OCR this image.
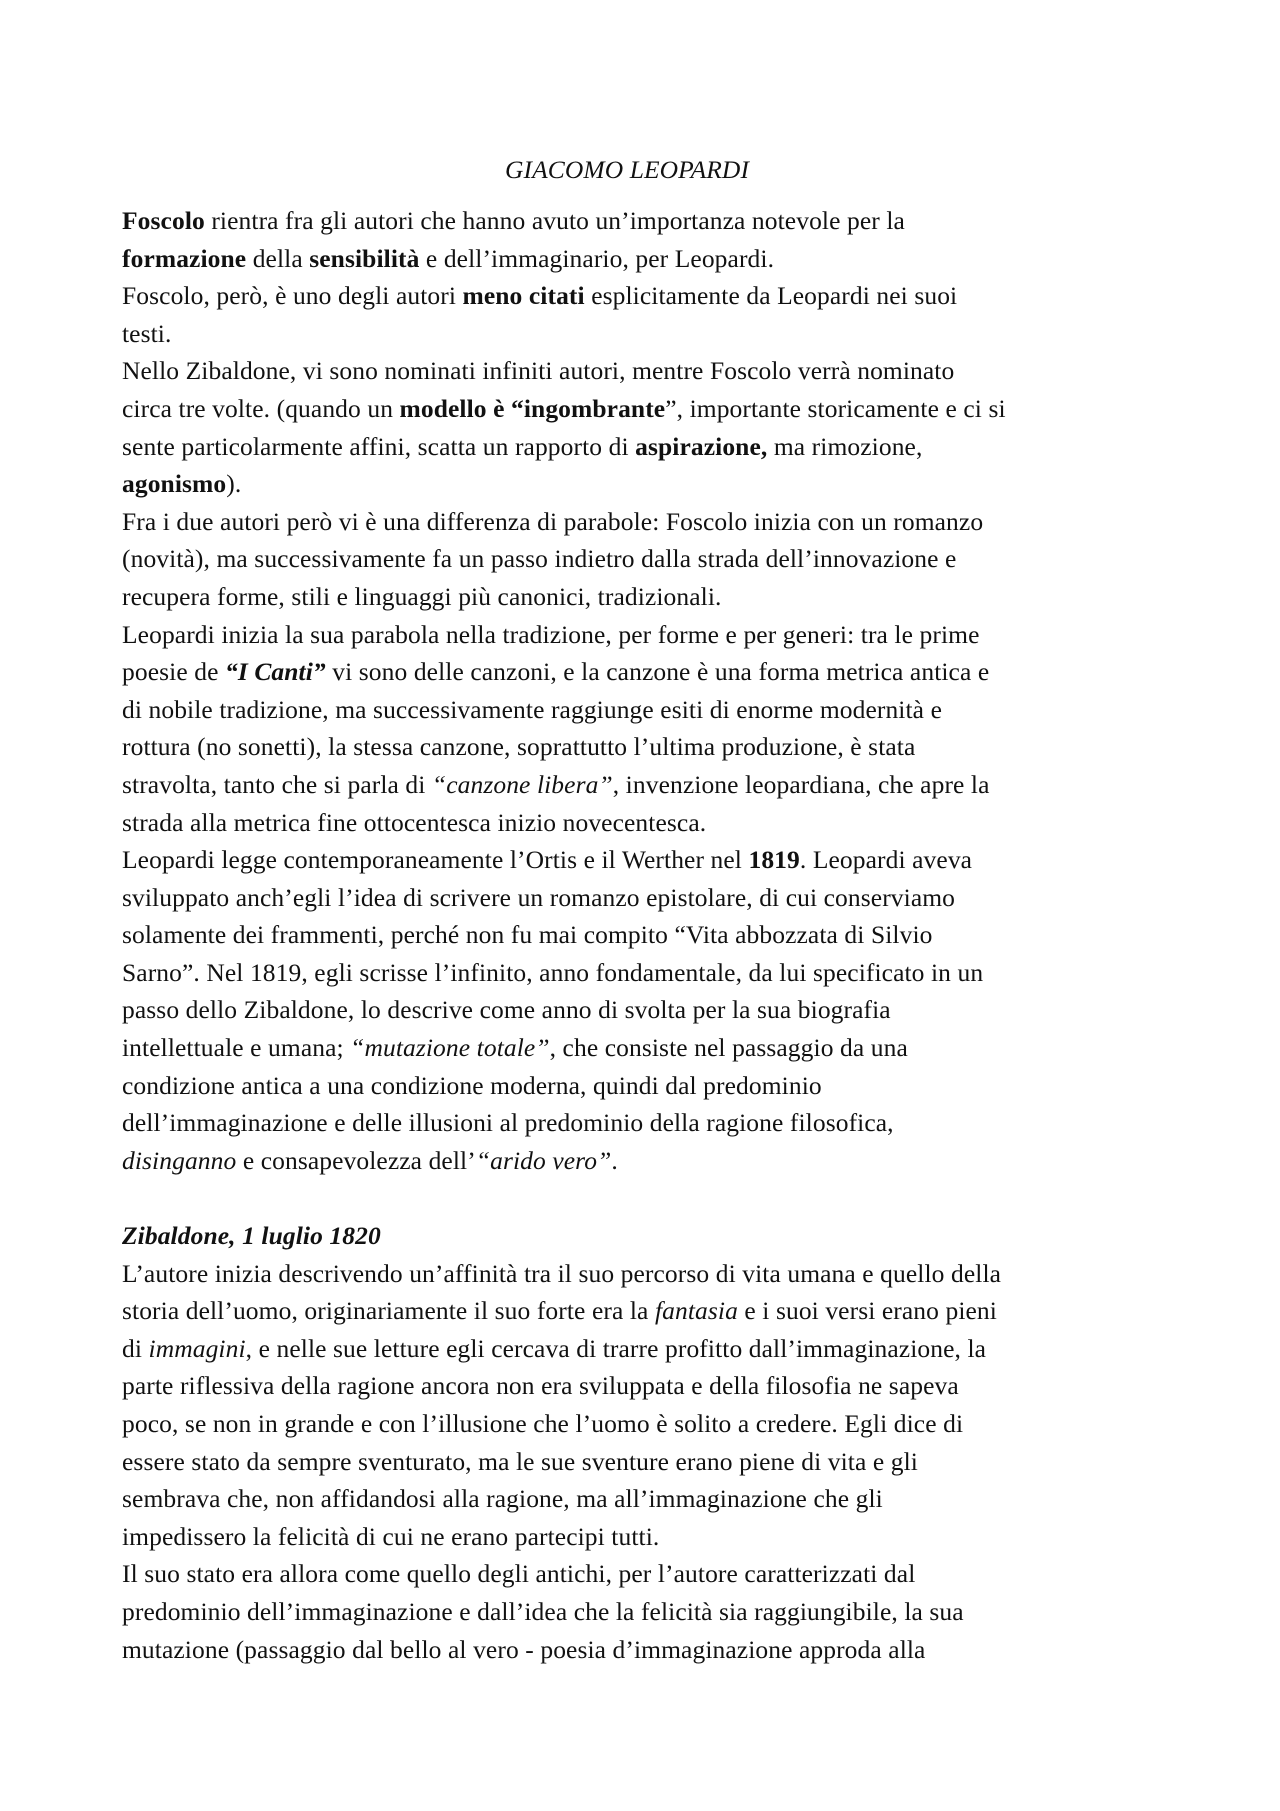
GIACOMO LEOPARDI
Foscolo rientra fra gli autori che hanno avuto un’importanza notevole per la
formazione della sensibilità e dell’immaginario, per Leopardi.
Foscolo, però, è uno degli autori meno citati esplicitamente da Leopardi nei suoi
testi.
Nello Zibaldone, vi sono nominati infiniti autori, mentre Foscolo verrà nominato
circa tre volte. (quando un modello è “ingombrante”, importante storicamente e ci si
sente particolarmente affini, scatta un rapporto di aspirazione, ma rimozione,
agonismo).
Fra i due autori però vi è una differenza di parabole: Foscolo inizia con un romanzo
(novità), ma successivamente fa un passo indietro dalla strada dell’innovazione e
recupera forme, stili e linguaggi più canonici, tradizionali.
Leopardi inizia la sua parabola nella tradizione, per forme e per generi: tra le prime
poesie de “I Canti” vi sono delle canzoni, e la canzone è una forma metrica antica e
di nobile tradizione, ma successivamente raggiunge esiti di enorme modernità e
rottura (no sonetti), la stessa canzone, soprattutto l’ultima produzione, è stata
stravolta, tanto che si parla di “canzone libera”, invenzione leopardiana, che apre la
strada alla metrica fine ottocentesca inizio novecentesca.
Leopardi legge contemporaneamente l’Ortis e il Werther nel 1819. Leopardi aveva
sviluppato anch’egli l’idea di scrivere un romanzo epistolare, di cui conserviamo
solamente dei frammenti, perché non fu mai compito “Vita abbozzata di Silvio
Sarno”. Nel 1819, egli scrisse l’infinito, anno fondamentale, da lui specificato in un
passo dello Zibaldone, lo descrive come anno di svolta per la sua biografia
intellettuale e umana; “mutazione totale”, che consiste nel passaggio da una
condizione antica a una condizione moderna, quindi dal predominio
dell’immaginazione e delle illusioni al predominio della ragione filosofica,
disinganno e consapevolezza dell’“arido vero”.
Zibaldone, 1 luglio 1820
L’autore inizia descrivendo un’affinità tra il suo percorso di vita umana e quello della
storia dell’uomo, originariamente il suo forte era la fantasia e i suoi versi erano pieni
di immagini, e nelle sue letture egli cercava di trarre profitto dall’immaginazione, la
parte riflessiva della ragione ancora non era sviluppata e della filosofia ne sapeva
poco, se non in grande e con l’illusione che l’uomo è solito a credere. Egli dice di
essere stato da sempre sventurato, ma le sue sventure erano piene di vita e gli
sembrava che, non affidandosi alla ragione, ma all’immaginazione che gli
impedissero la felicità di cui ne erano partecipi tutti.
Il suo stato era allora come quello degli antichi, per l’autore caratterizzati dal
predominio dell’immaginazione e dall’idea che la felicità sia raggiungibile, la sua
mutazione (passaggio dal bello al vero - poesia d’immaginazione approda alla
